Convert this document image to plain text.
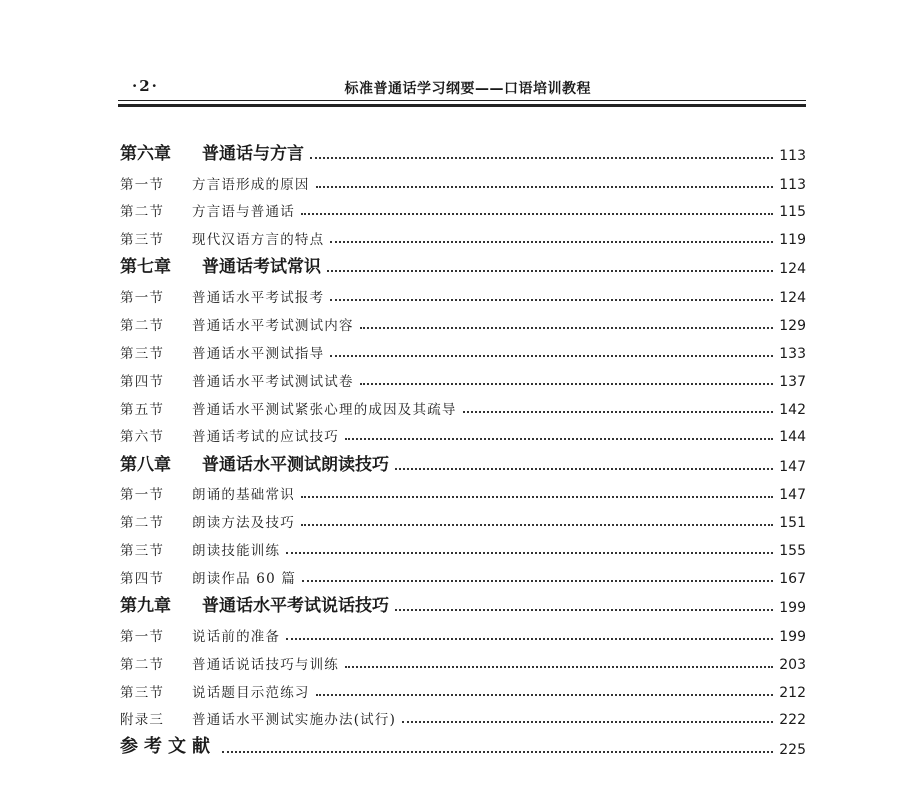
·2·	标准普通话学习纲要——口语培训教程
第六章 普通话与方言	113
第一节 方言语形成的原因	113
第二节 方言语与普通话	115
第三节 现代汉语方言的特点	119
第七章 普通话考试常识	124
第一节 普通话水平考试报考	124
第二节 普通话水平考试测试内容	129
第三节 普通话水平测试指导	133
第四节 普通话水平考试测试试卷	137
第五节 普通话水平测试紧张心理的成因及其疏导	142
第六节 普通话考试的应试技巧	144
第八章 普通话水平测试朗读技巧	147
第一节 朗诵的基础常识	147
第二节 朗读方法及技巧	151
第三节 朗读技能训练	155
第四节 朗读作品 60 篇	167
第九章 普通话水平考试说话技巧	199
第一节 说话前的准备	199
第二节 普通话说话技巧与训练	203
第三节 说话题目示范练习	212
附录三 普通话水平测试实施办法(试行)	222
参考文献	225
